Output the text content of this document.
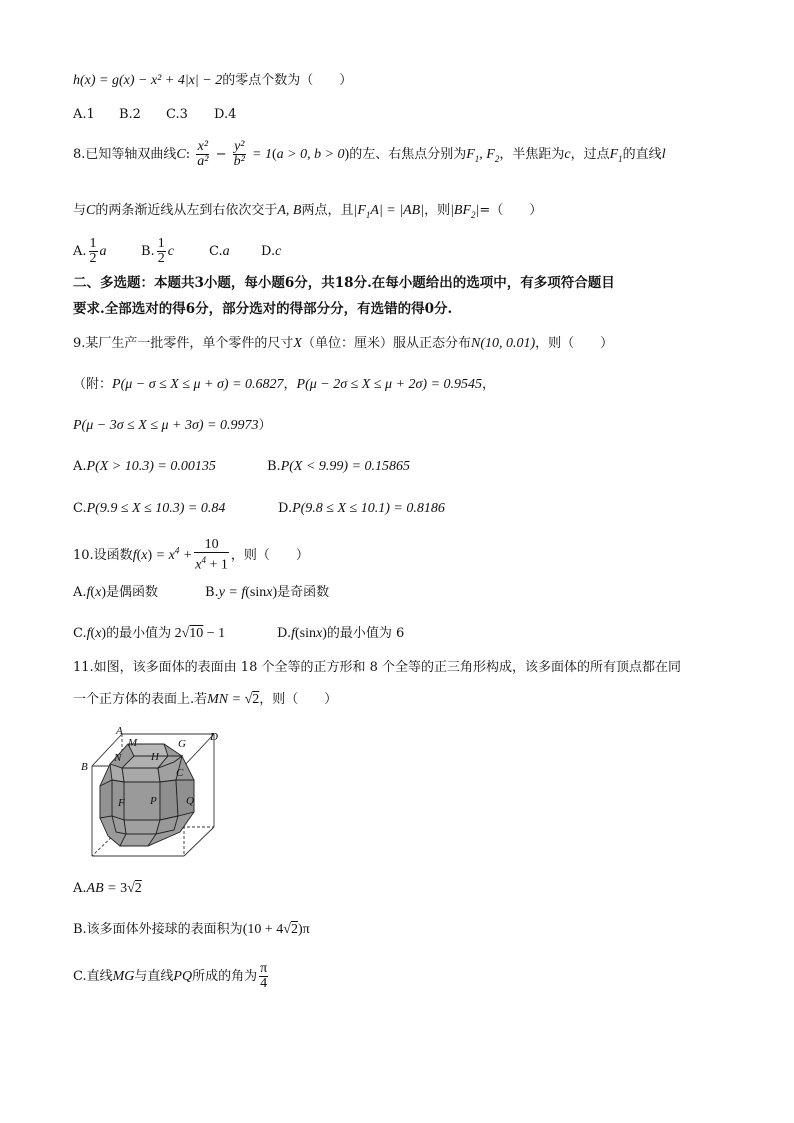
h(x) = g(x) − x² + 4|x| − 2的零点个数为（　　）
A.1 B.2 C.3 D.4
8.已知等轴双曲线C: $\frac{\text{x²}}{\text{a²}} - \frac{\text{y²}}{\text{b²}} = 1(a > 0$, b > 0)的左、右焦点分别为$F_1$, $F_2$，半焦距为c，过点$F_1$的直线l
与C的两条渐近线从左到右依次交于A, B两点，且$|F_1A| = |AB|$，则$|BF_2|=$（　　）
A. $\frac{1}{2}$ a	B. $\frac{1}{2}$ c	C.a D.c
二、多选题：本题共3小题，每小题6分，共18分.在每小题给出的选项中，有多项符合题目
要求.全部选对的得6分，部分选对的得部分分，有选错的得0分.
9.某厂生产一批零件，单个零件的尺寸X（单位：厘米）服从正态分布N(10, 0.01)，则（　　）
（附：P(μ − σ ≤ X ≤ μ + σ) = 0.6827，P(μ − 2σ ≤ X ≤ μ + 2σ) = 0.9545，
P(μ − 3σ ≤ X ≤ μ + 3σ) = 0.9973）
A.P(X > 10.3) = 0.00135	B.P(X < 9.99) = 0.15865
C.P(9.9 ≤ X ≤ 10.3) = 0.84	D.P(9.8 ≤ X ≤ 10.1) = 0.8186
10.设函数$f(x) = x^4 + \frac{10}{x^4 + 1}$ ，则（　　）
A.f(x)是偶函数	B.y = f(sinx)是奇函数
C.f(x)的最小值为 2√10 − 1	D.f(sinx)的最小值为 6
11.如图，该多面体的表面由 18 个全等的正方形和 8 个全等的正三角形构成，该多面体的所有顶点都在同
一个正方体的表面上.若MN = √2，则（　　）
A
M	G
D
B
N	H
C
F P	Q
A.AB = 3√2
B.该多面体外接球的表面积为(10 + 4√2)π
C.直线MG与直线PQ所成的角为 $\frac{\pi}{4}$
